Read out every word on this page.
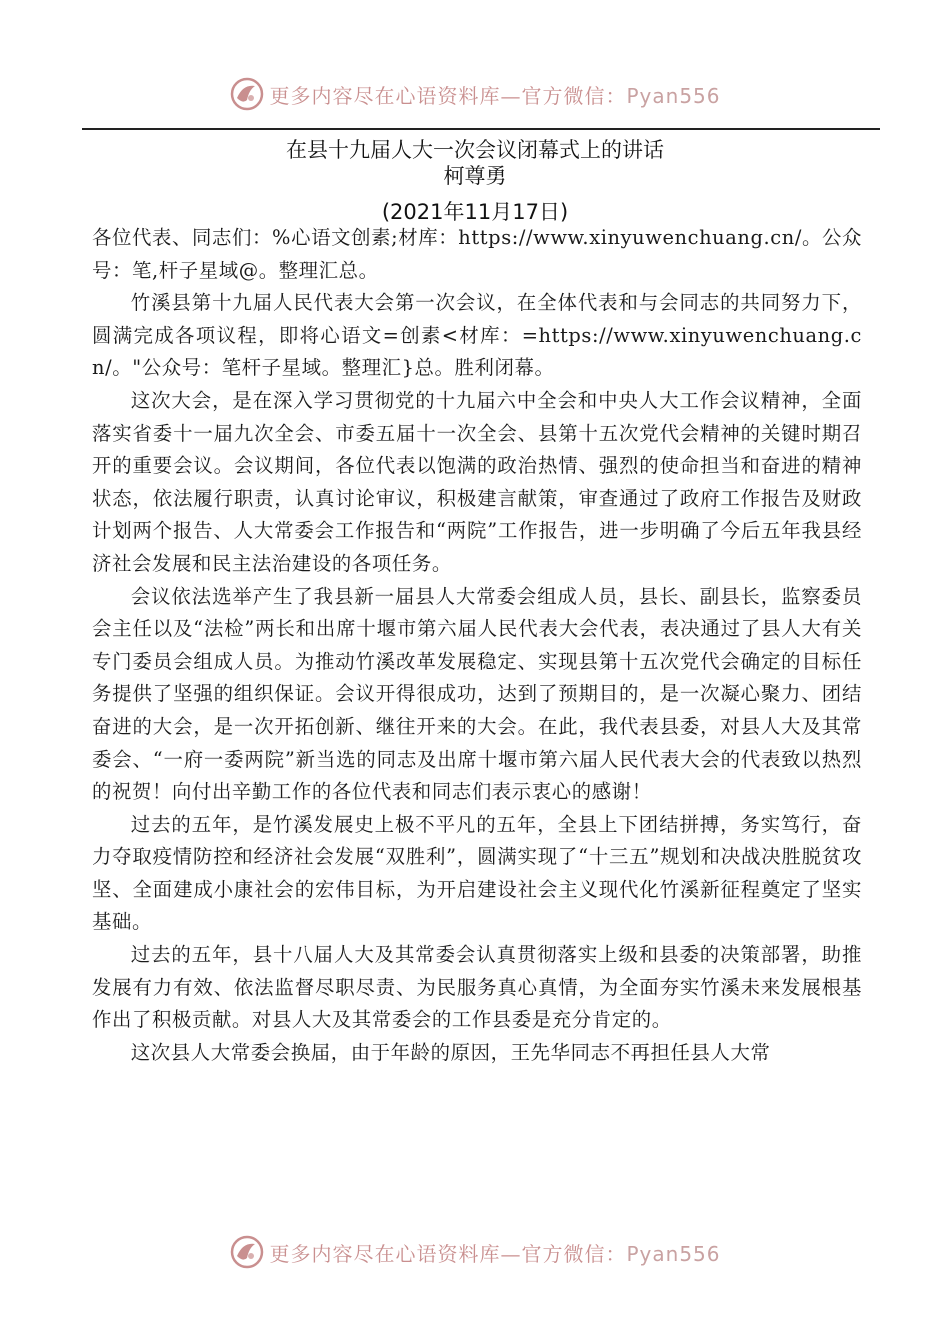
更多内容尽在心语资料库—官方微信：Pyan556
在县十九届人大一次会议闭幕式上的讲话
柯尊勇
(2021年11月17日)

各位代表、同志们：%心语文创素;材库：https://www.xinyuwenchuang.cn/。公众号：笔,杆子星域@。整理汇总。

竹溪县第十九届人民代表大会第一次会议，在全体代表和与会同志的共同努力下，圆满完成各项议程，即将心语文=创素<材库：=https://www.xinyuwenchuang.cn/。"公众号：笔杆子星域。整理汇}总。胜利闭幕。

这次大会，是在深入学习贯彻党的十九届六中全会和中央人大工作会议精神，全面落实省委十一届九次全会、市委五届十一次全会、县第十五次党代会精神的关键时期召开的重要会议。会议期间，各位代表以饱满的政治热情、强烈的使命担当和奋进的精神状态，依法履行职责，认真讨论审议，积极建言献策，审查通过了政府工作报告及财政计划两个报告、人大常委会工作报告和“两院”工作报告，进一步明确了今后五年我县经济社会发展和民主法治建设的各项任务。

会议依法选举产生了我县新一届县人大常委会组成人员，县长、副县长，监察委员会主任以及“法检”两长和出席十堰市第六届人民代表大会代表，表决通过了县人大有关专门委员会组成人员。为推动竹溪改革发展稳定、实现县第十五次党代会确定的目标任务提供了坚强的组织保证。会议开得很成功，达到了预期目的，是一次凝心聚力、团结奋进的大会，是一次开拓创新、继往开来的大会。在此，我代表县委，对县人大及其常委会、“一府一委两院”新当选的同志及出席十堰市第六届人民代表大会的代表致以热烈的祝贺！向付出辛勤工作的各位代表和同志们表示衷心的感谢！

过去的五年，是竹溪发展史上极不平凡的五年，全县上下团结拼搏，务实笃行，奋力夺取疫情防控和经济社会发展“双胜利”，圆满实现了“十三五”规划和决战决胜脱贫攻坚、全面建成小康社会的宏伟目标，为开启建设社会主义现代化竹溪新征程奠定了坚实基础。

过去的五年，县十八届人大及其常委会认真贯彻落实上级和县委的决策部署，助推发展有力有效、依法监督尽职尽责、为民服务真心真情，为全面夯实竹溪未来发展根基作出了积极贡献。对县人大及其常委会的工作县委是充分肯定的。

这次县人大常委会换届，由于年龄的原因，王先华同志不再担任县人大常

更多内容尽在心语资料库—官方微信：Pyan556
